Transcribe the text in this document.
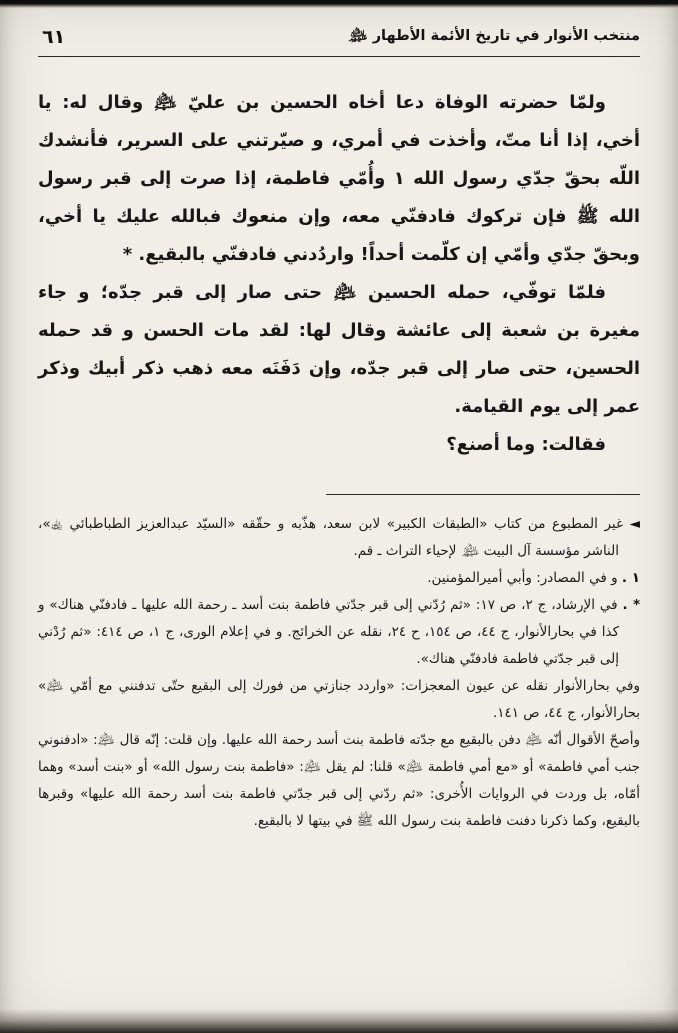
منتخب الأنوار في تاريخ الأئمة الأطهار ﵈
٦١

ولمّا حضرته الوفاة دعا أخاه الحسين بن عليّ ﵇ وقال له: يا أخي، إذا أنا متّ، وأخذت في أمري، و صيّرتني على السرير، فأنشدك اللّه بحقّ جدّي رسول الله ١ وأُمّي فاطمة، إذا صرت إلى قبر رسول الله ﷺ فإن تركوك فادفنّي معه، وإن منعوك فبالله عليك يا أخي، وبحقّ جدّي وأمّي إن كلّمت أحداً! واردُدني فادفنّي بالبقيع. *

فلمّا توفّي، حمله الحسين ﵇ حتى صار إلى قبر جدّه؛ و جاء مغيرة بن شعبة إلى عائشة وقال لها: لقد مات الحسن و قد حمله الحسين، حتى صار إلى قبر جدّه، وإن دَفَنَه معه ذهب ذكر أبيك وذكر عمر إلى يوم القيامة.

فقالت: وما أصنع؟

◄ غير المطبوع من كتاب «الطبقات الكبير» لابن سعد، هذّبه و حقّقه «السيّد عبدالعزيز الطباطبائي ﵀»، الناشر مؤسسة آل البيت ﵈ لإحياء التراث ـ قم.

١ . و في المصادر: وأبي أميرالمؤمنين.

* . في الإرشاد، ج ٢، ص ١٧: «ثم رُدّني إلى قبر جدّتي فاطمة بنت أسد ـ رحمة الله عليها ـ فادفنّي هناك» و كذا في بحارالأنوار، ج ٤٤، ص ١٥٤، ح ٢٤، نقله عن الخرائج. و في إعلام الورى، ج ١، ص ٤١٤: «ثم رُدْني إلى قبر جدّتي فاطمة فادفنّي هناك».

وفي بحارالأنوار نقله عن عيون المعجزات: «واردد جنازتي من فورك إلى البقيع حتّى تدفنني مع أمّي ﵇» بحارالأنوار، ج ٤٤، ص ١٤١.

وأصحّ الأقوال أنّه ﵇ دفن بالبقيع مع جدّته فاطمة بنت أسد رحمة الله عليها. وإن قلت: إنّه قال ﵇: «ادفنوني جنب أمي فاطمة» أو «مع أمي فاطمة ﵇» قلنا: لم يقل ﵇: «فاطمة بنت رسول الله» أو «بنت أسد» وهما أمّاه، بل وردت في الروايات الأُخرى: «ثم ردّني إلى قبر جدّتي فاطمة بنت أسد رحمة الله عليها» وقبرها بالبقيع، وكما ذكرنا دفنت فاطمة بنت رسول الله ﷺ في بيتها لا بالبقيع.
